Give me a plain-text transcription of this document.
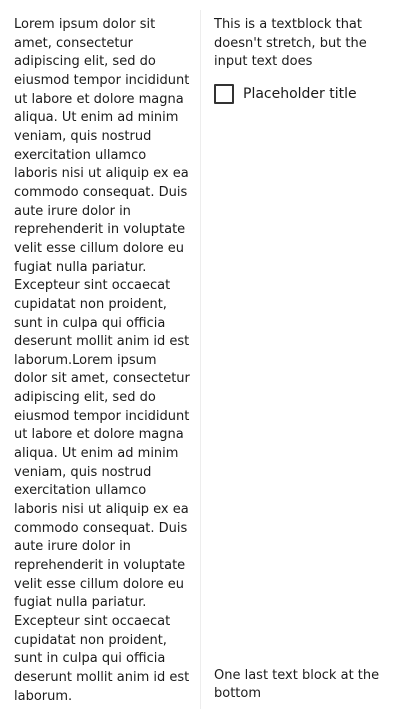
Lorem ipsum dolor sit amet, consectetur adipiscing elit, sed do eiusmod tempor incididunt ut labore et dolore magna aliqua. Ut enim ad minim veniam, quis nostrud exercitation ullamco laboris nisi ut aliquip ex ea commodo consequat. Duis aute irure dolor in reprehenderit in voluptate velit esse cillum dolore eu fugiat nulla pariatur. Excepteur sint occaecat cupidatat non proident, sunt in culpa qui officia deserunt mollit anim id est laborum.Lorem ipsum dolor sit amet, consectetur adipiscing elit, sed do eiusmod tempor incididunt ut labore et dolore magna aliqua. Ut enim ad minim veniam, quis nostrud exercitation ullamco laboris nisi ut aliquip ex ea commodo consequat. Duis aute irure dolor in reprehenderit in voluptate velit esse cillum dolore eu fugiat nulla pariatur. Excepteur sint occaecat cupidatat non proident, sunt in culpa qui officia deserunt mollit anim id est laborum.

This is a textblock that doesn't stretch, but the input text does

Placeholder title

One last text block at the bottom
